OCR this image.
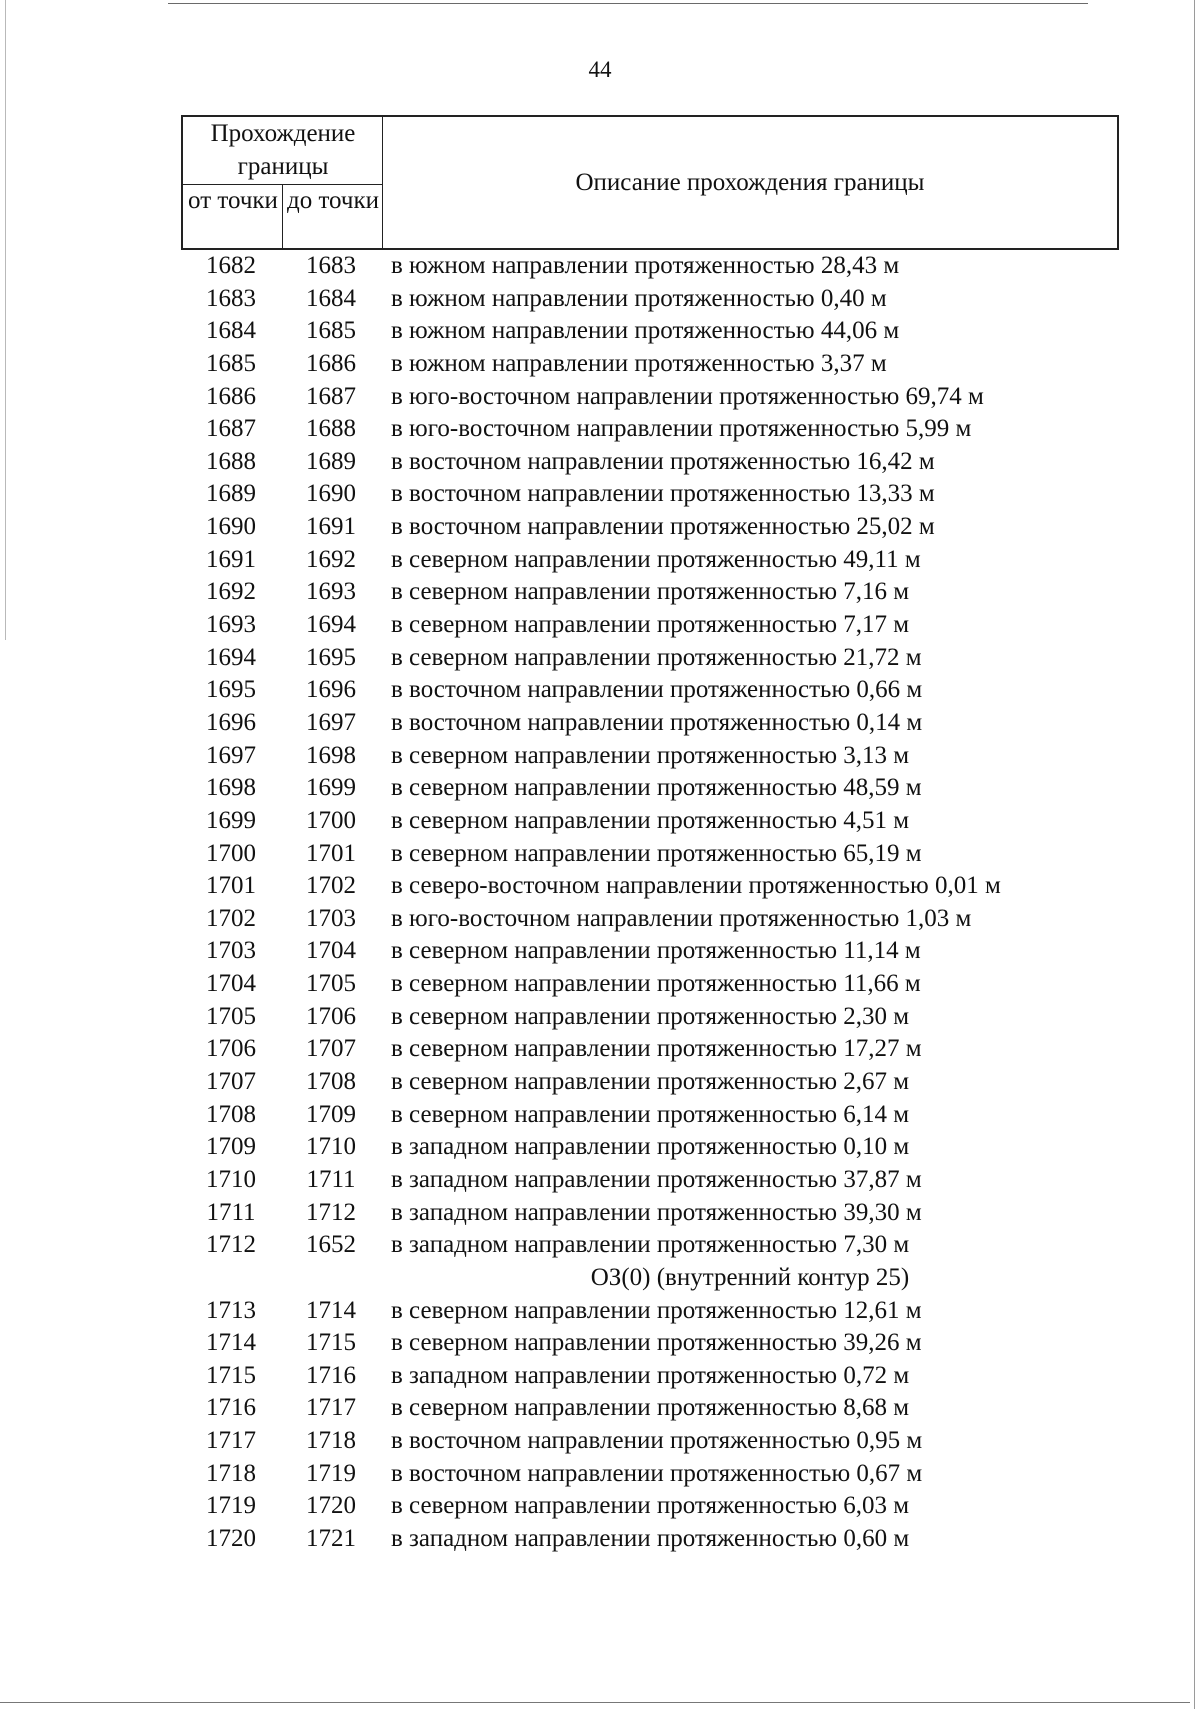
44
Прохождение границы
от точки до точки
Описание прохождения границы
1682	1683	в южном направлении протяженностью 28,43 м
1683	1684	в южном направлении протяженностью 0,40 м
1684	1685	в южном направлении протяженностью 44,06 м
1685	1686	в южном направлении протяженностью 3,37 м
1686	1687	в юго-восточном направлении протяженностью 69,74 м
1687	1688	в юго-восточном направлении протяженностью 5,99 м
1688	1689	в восточном направлении протяженностью 16,42 м
1689	1690	в восточном направлении протяженностью 13,33 м
1690	1691	в восточном направлении протяженностью 25,02 м
1691	1692	в северном направлении протяженностью 49,11 м
1692	1693	в северном направлении протяженностью 7,16 м
1693	1694	в северном направлении протяженностью 7,17 м
1694	1695	в северном направлении протяженностью 21,72 м
1695	1696	в восточном направлении протяженностью 0,66 м
1696	1697	в восточном направлении протяженностью 0,14 м
1697	1698	в северном направлении протяженностью 3,13 м
1698	1699	в северном направлении протяженностью 48,59 м
1699	1700	в северном направлении протяженностью 4,51 м
1700	1701	в северном направлении протяженностью 65,19 м
1701	1702	в северо-восточном направлении протяженностью 0,01 м
1702	1703	в юго-восточном направлении протяженностью 1,03 м
1703	1704	в северном направлении протяженностью 11,14 м
1704	1705	в северном направлении протяженностью 11,66 м
1705	1706	в северном направлении протяженностью 2,30 м
1706	1707	в северном направлении протяженностью 17,27 м
1707	1708	в северном направлении протяженностью 2,67 м
1708	1709	в северном направлении протяженностью 6,14 м
1709	1710	в западном направлении протяженностью 0,10 м
1710	1711	в западном направлении протяженностью 37,87 м
1711	1712	в западном направлении протяженностью 39,30 м
1712	1652	в западном направлении протяженностью 7,30 м
ОЗ(0) (внутренний контур 25)
1713	1714	в северном направлении протяженностью 12,61 м
1714	1715	в северном направлении протяженностью 39,26 м
1715	1716	в западном направлении протяженностью 0,72 м
1716	1717	в северном направлении протяженностью 8,68 м
1717	1718	в восточном направлении протяженностью 0,95 м
1718	1719	в восточном направлении протяженностью 0,67 м
1719	1720	в северном направлении протяженностью 6,03 м
1720	1721	в западном направлении протяженностью 0,60 м
